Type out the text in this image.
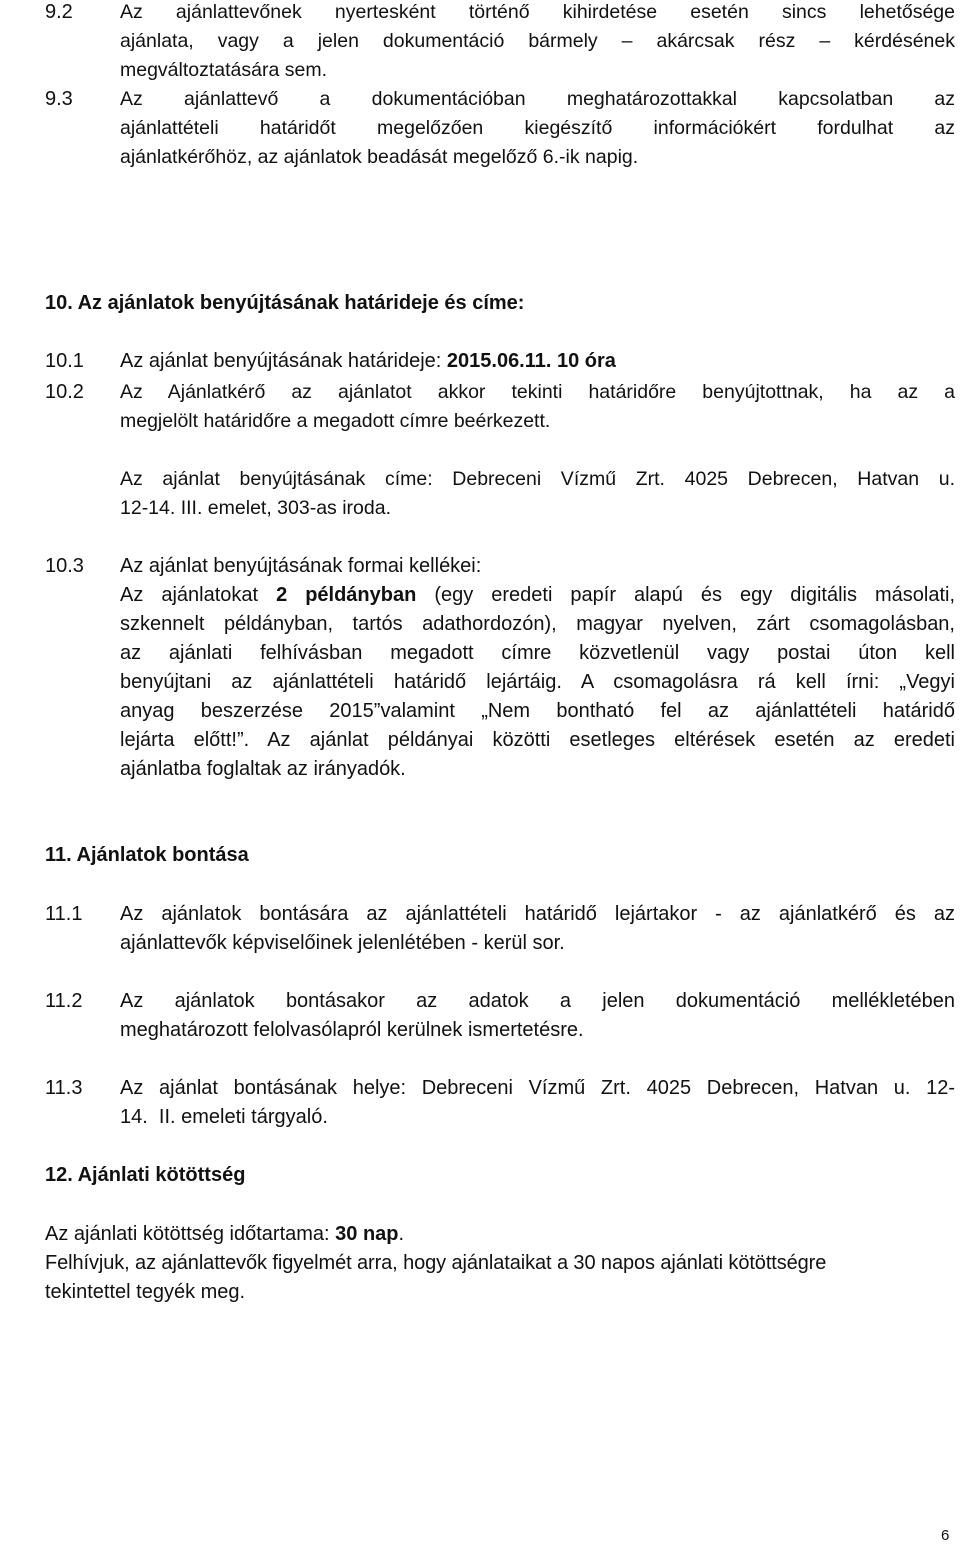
9.2 Az ajánlattevőnek nyertesként történő kihirdetése esetén sincs lehetősége
ajánlata, vagy a jelen dokumentáció bármely – akárcsak rész – kérdésének
megváltoztatására sem.
9.3 Az ajánlattevő a dokumentációban meghatározottakkal kapcsolatban az
ajánlattételi határidőt megelőzően kiegészítő információkért fordulhat az
ajánlatkérőhöz, az ajánlatok beadását megelőző 6.-ik napig.
10. Az ajánlatok benyújtásának határideje és címe:
10.1 Az ajánlat benyújtásának határideje: 2015.06.11. 10 óra
10.2 Az Ajánlatkérő az ajánlatot akkor tekinti határidőre benyújtottnak, ha az a
megjelölt határidőre a megadott címre beérkezett.
Az ajánlat benyújtásának címe: Debreceni Vízmű Zrt. 4025 Debrecen, Hatvan u.
12-14. III. emelet, 303-as iroda.
10.3 Az ajánlat benyújtásának formai kellékei:
Az ajánlatokat 2 példányban (egy eredeti papír alapú és egy digitális másolati,
szkennelt példányban, tartós adathordozón), magyar nyelven, zárt csomagolásban,
az ajánlati felhívásban megadott címre közvetlenül vagy postai úton kell
benyújtani az ajánlattételi határidő lejártáig. A csomagolásra rá kell írni: „Vegyi
anyag beszerzése 2015”valamint „Nem bontható fel az ajánlattételi határidő
lejárta előtt!”. Az ajánlat példányai közötti esetleges eltérések esetén az eredeti
ajánlatba foglaltak az irányadók.
11. Ajánlatok bontása
11.1 Az ajánlatok bontására az ajánlattételi határidő lejártakor - az ajánlatkérő és az
ajánlattevők képviselőinek jelenlétében - kerül sor.
11.2 Az ajánlatok bontásakor az adatok a jelen dokumentáció mellékletében
meghatározott felolvasólapról kerülnek ismertetésre.
11.3 Az ajánlat bontásának helye: Debreceni Vízmű Zrt. 4025 Debrecen, Hatvan u. 12-
14.  II. emeleti tárgyaló.
12. Ajánlati kötöttség
Az ajánlati kötöttség időtartama: 30 nap.
Felhívjuk, az ajánlattevők figyelmét arra, hogy ajánlataikat a 30 napos ajánlati kötöttségre
tekintettel tegyék meg.
6
